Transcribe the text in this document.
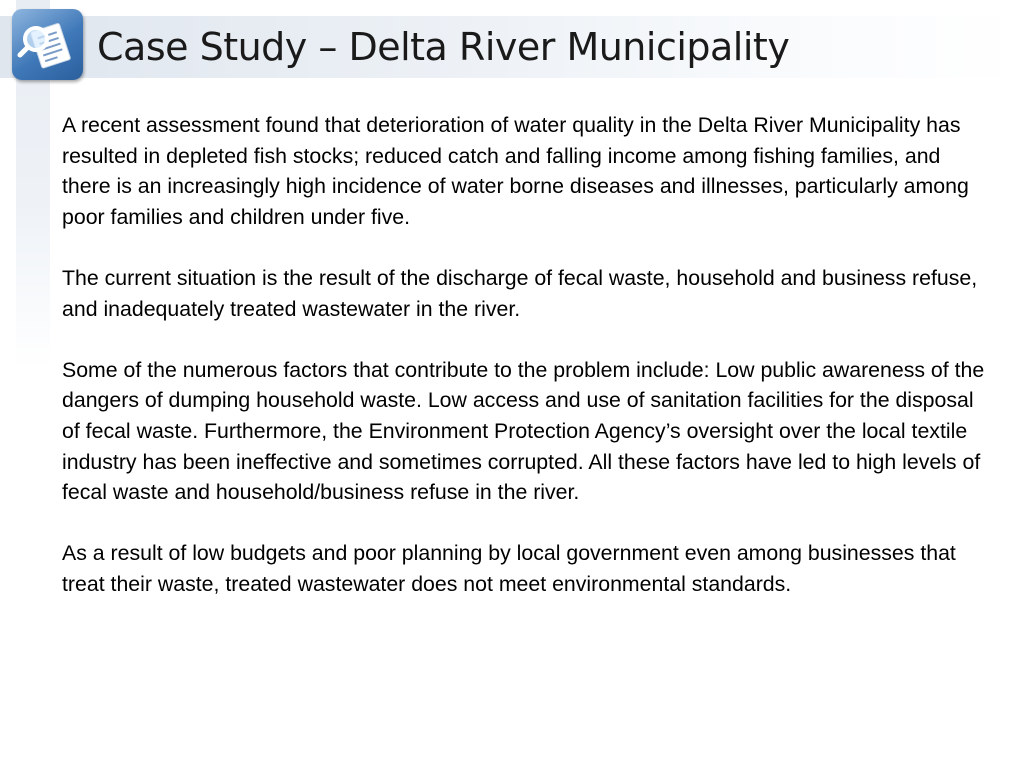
Case Study – Delta River Municipality

A recent assessment found that deterioration of water quality in the Delta River Municipality has resulted in depleted fish stocks; reduced catch and falling income among fishing families, and there is an increasingly high incidence of water borne diseases and illnesses, particularly among poor families and children under five.

The current situation is the result of the discharge of fecal waste, household and business refuse, and inadequately treated wastewater in the river.

Some of the numerous factors that contribute to the problem include: Low public awareness of the dangers of dumping household waste. Low access and use of sanitation facilities for the disposal of fecal waste. Furthermore, the Environment Protection Agency’s oversight over the local textile industry has been ineffective and sometimes corrupted. All these factors have led to high levels of fecal waste and household/business refuse in the river.

As a result of low budgets and poor planning by local government even among businesses that treat their waste, treated wastewater does not meet environmental standards.
